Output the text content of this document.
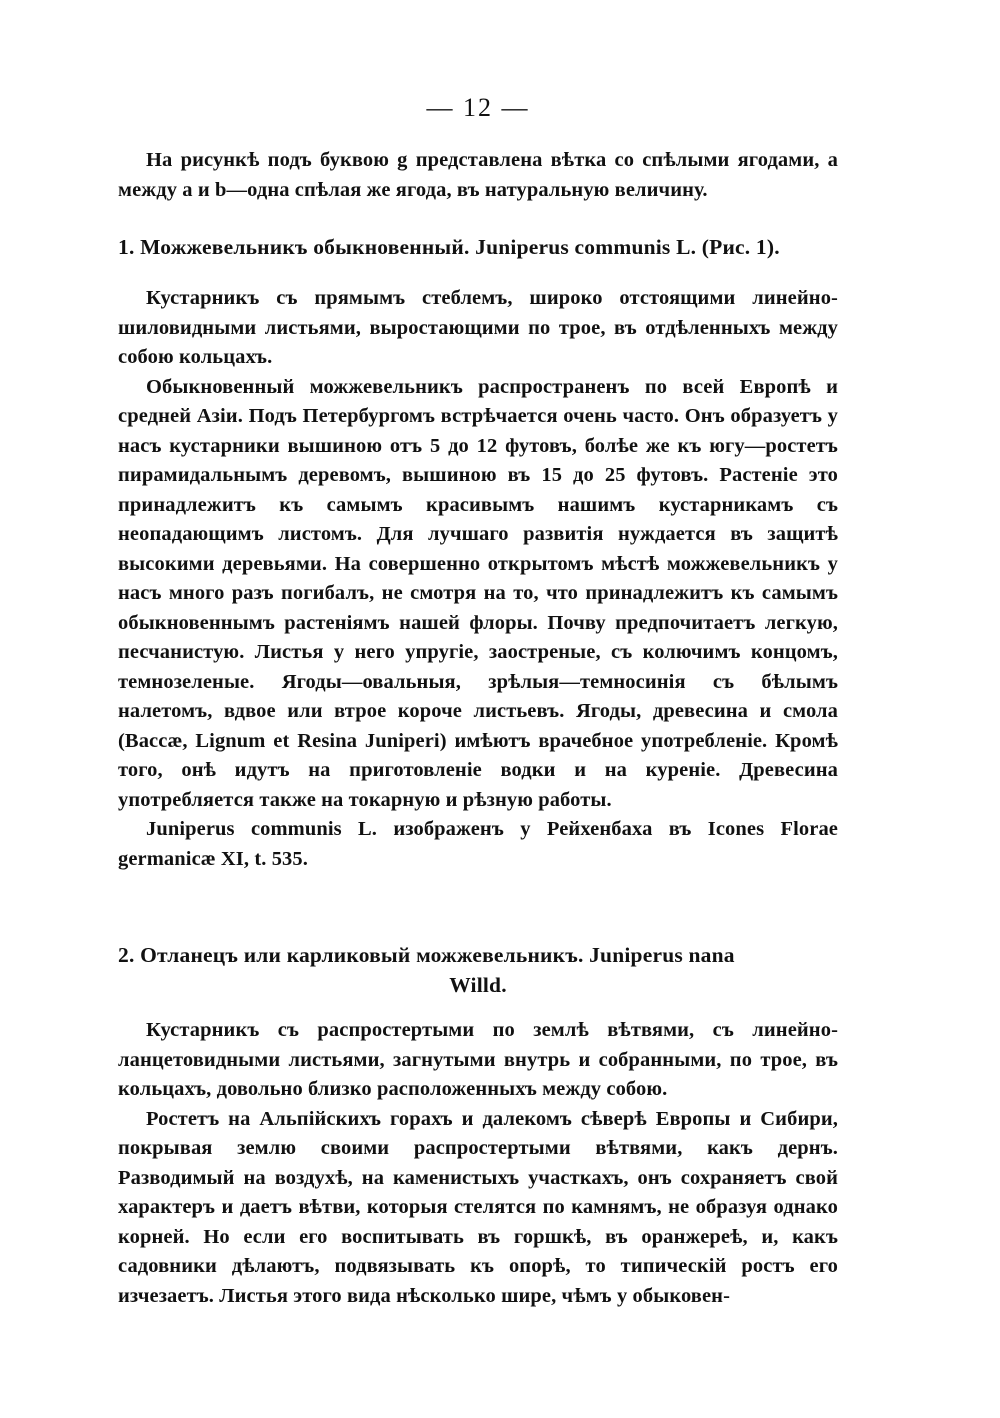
— 12 —

На рисункѣ подъ буквою g представлена вѣтка со спѣлыми ягодами, а между a и b—одна спѣлая же ягода, въ натуральную величину.

1. Можжевельникъ обыкновенный. Juniperus communis L. (Рис. 1).

Кустарникъ съ прямымъ стеблемъ, широко отстоящими линейно-шиловидными листьями, выростающими по трое, въ отдѣленныхъ между собою кольцахъ.

Обыкновенный можжевельникъ распространенъ по всей Европѣ и средней Азіи. Подъ Петербургомъ встрѣчается очень часто. Онъ образуетъ у насъ кустарники вышиною отъ 5 до 12 футовъ, болѣе же къ югу—ростетъ пирамидальнымъ деревомъ, вышиною въ 15 до 25 футовъ. Растеніе это принадлежитъ къ самымъ красивымъ нашимъ кустарникамъ съ неопадающимъ листомъ. Для лучшаго развитія нуждается въ защитѣ высокими деревьями. На совершенно открытомъ мѣстѣ можжевельникъ у насъ много разъ погибалъ, не смотря на то, что принадлежитъ къ самымъ обыкновеннымъ растеніямъ нашей флоры. Почву предпочитаетъ легкую, песчанистую. Листья у него упругіе, заостреные, съ колючимъ концомъ, темнозеленые. Ягоды—овальныя, зрѣлыя—темносинія съ бѣлымъ налетомъ, вдвое или втрое короче листьевъ. Ягоды, древесина и смола (Baccæ, Lignum et Resina Juniperi) имѣютъ врачебное употребленіе. Кромѣ того, онѣ идутъ на приготовленіе водки и на куреніе. Древесина употребляется также на токарную и рѣзную работы.

Juniperus communis L. изображенъ у Рейхенбаха въ Icones Florae germanicæ XI, t. 535.

2. Отланецъ или карликовый можжевельникъ. Juniperus nana

Willd.

Кустарникъ съ распростертыми по землѣ вѣтвями, съ линейно-ланцетовидными листьями, загнутыми внутрь и собранными, по трое, въ кольцахъ, довольно близко расположенныхъ между собою.

Ростетъ на Альпійскихъ горахъ и далекомъ сѣверѣ Европы и Сибири, покрывая землю своими распростертыми вѣтвями, какъ дернъ. Разводимый на воздухѣ, на каменистыхъ участкахъ, онъ сохраняетъ свой характеръ и даетъ вѣтви, которыя стелятся по камнямъ, не образуя однако корней. Но если его воспитывать въ горшкѣ, въ оранжереѣ, и, какъ садовники дѣлаютъ, подвязывать къ опорѣ, то типическій ростъ его изчезаетъ. Листья этого вида нѣсколько шире, чѣмъ у обыковен-
